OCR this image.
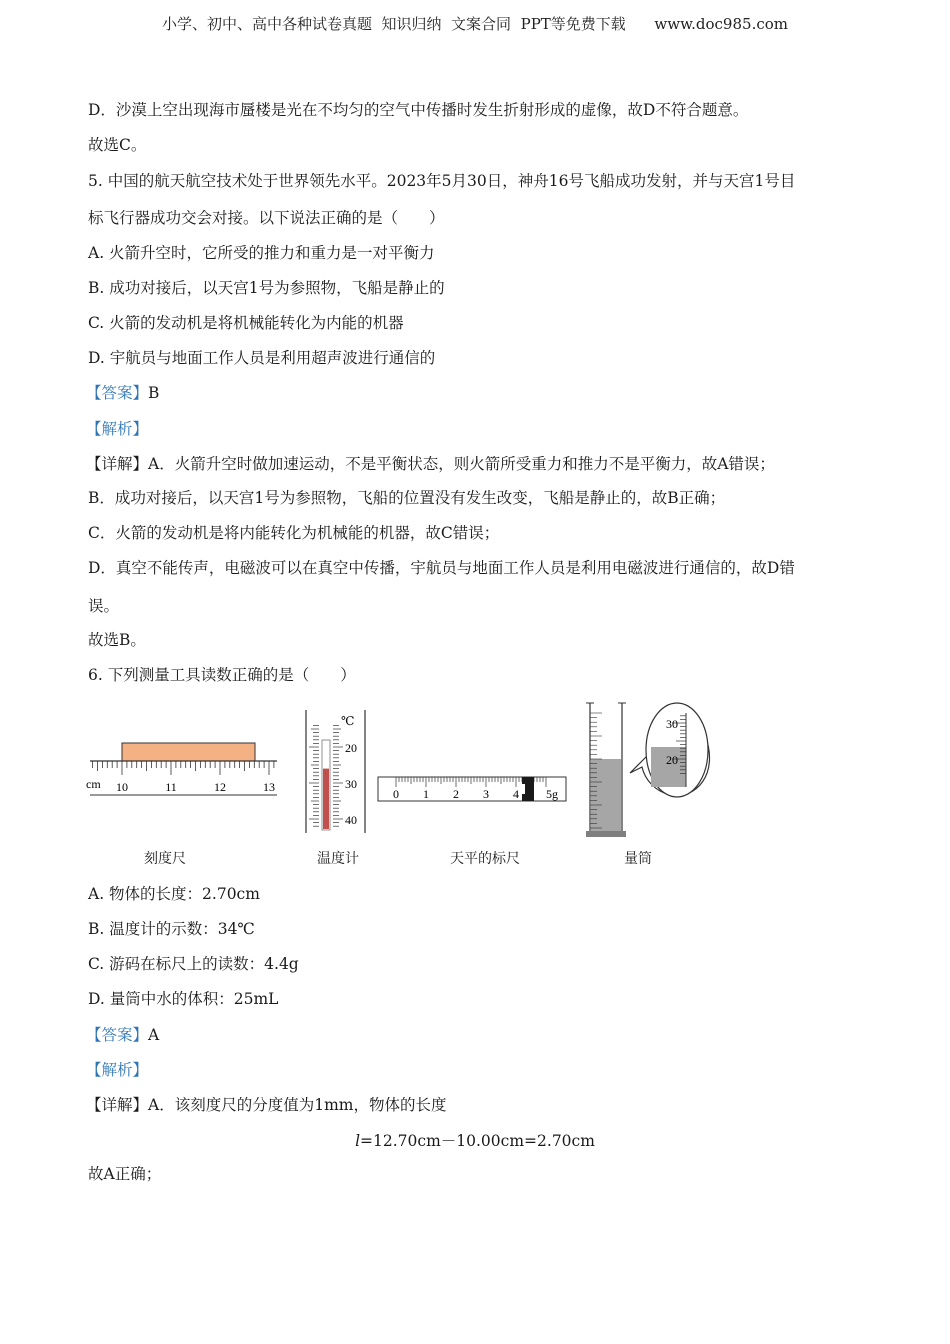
小学、初中、高中各种试卷真题  知识归纳  文案合同  PPT等免费下载      www.doc985.com
D．沙漠上空出现海市蜃楼是光在不均匀的空气中传播时发生折射形成的虚像，故D不符合题意。
故选C。
5. 中国的航天航空技术处于世界领先水平。2023年5月30日，神舟16号飞船成功发射，并与天宫1号目
标飞行器成功交会对接。以下说法正确的是（　　）
A. 火箭升空时，它所受的推力和重力是一对平衡力
B. 成功对接后，以天宫1号为参照物，飞船是静止的
C. 火箭的发动机是将机械能转化为内能的机器
D. 宇航员与地面工作人员是利用超声波进行通信的
【答案】B
【解析】
【详解】A．火箭升空时做加速运动，不是平衡状态，则火箭所受重力和推力不是平衡力，故A错误；
B．成功对接后，以天宫1号为参照物，飞船的位置没有发生改变，飞船是静止的，故B正确；
C．火箭的发动机是将内能转化为机械能的机器，故C错误；
D．真空不能传声，电磁波可以在真空中传播，宇航员与地面工作人员是利用电磁波进行通信的，故D错
误。
故选B。
6. 下列测量工具读数正确的是（　　）
cm 10	11	12	13
℃
20
30
40
0 1 2 3 4 5g
30
20
刻度尺	温度计	天平的标尺	量筒
A. 物体的长度：2.70cm
B. 温度计的示数：34℃
C. 游码在标尺上的读数：4.4g
D. 量筒中水的体积：25mL
【答案】A
【解析】
【详解】A．该刻度尺的分度值为1mm，物体的长度
l=12.70cm－10.00cm=2.70cm
故A正确；
